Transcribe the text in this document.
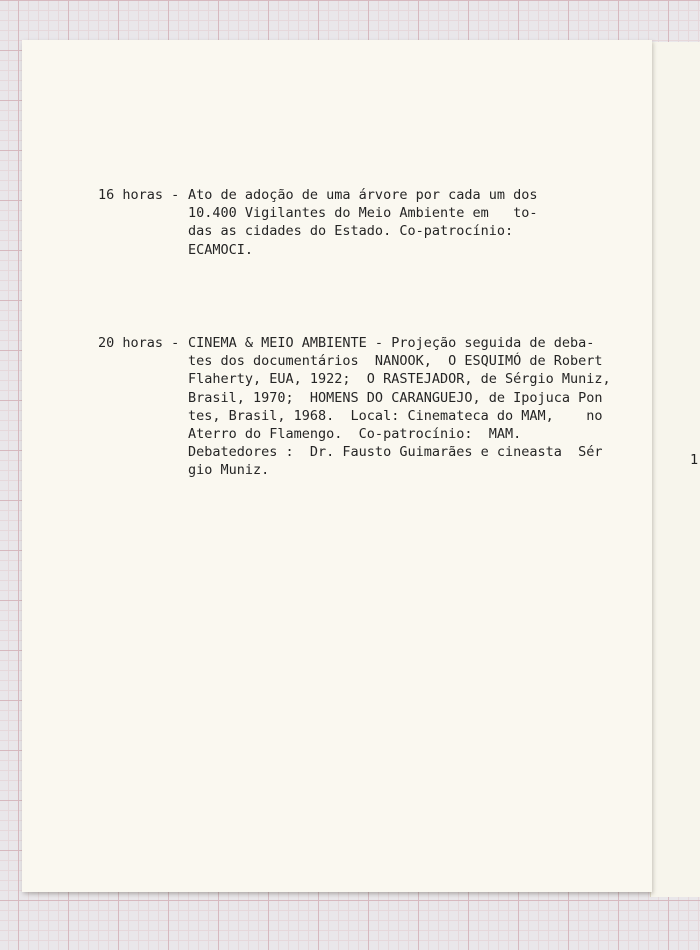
1
16 horas - Ato de adoção de uma árvore por cada um dos
10.400 Vigilantes do Meio Ambiente em   to-
das as cidades do Estado. Co-patrocínio:
ECAMOCI.
20 horas - CINEMA & MEIO AMBIENTE - Projeção seguida de deba-
tes dos documentários  NANOOK,  O ESQUIMÓ de Robert
Flaherty, EUA, 1922;  O RASTEJADOR, de Sérgio Muniz,
Brasil, 1970;  HOMENS DO CARANGUEJO, de Ipojuca Pon
tes, Brasil, 1968.  Local: Cinemateca do MAM,    no
Aterro do Flamengo.  Co-patrocínio:  MAM.
Debatedores :  Dr. Fausto Guimarães e cineasta  Sér
gio Muniz.
